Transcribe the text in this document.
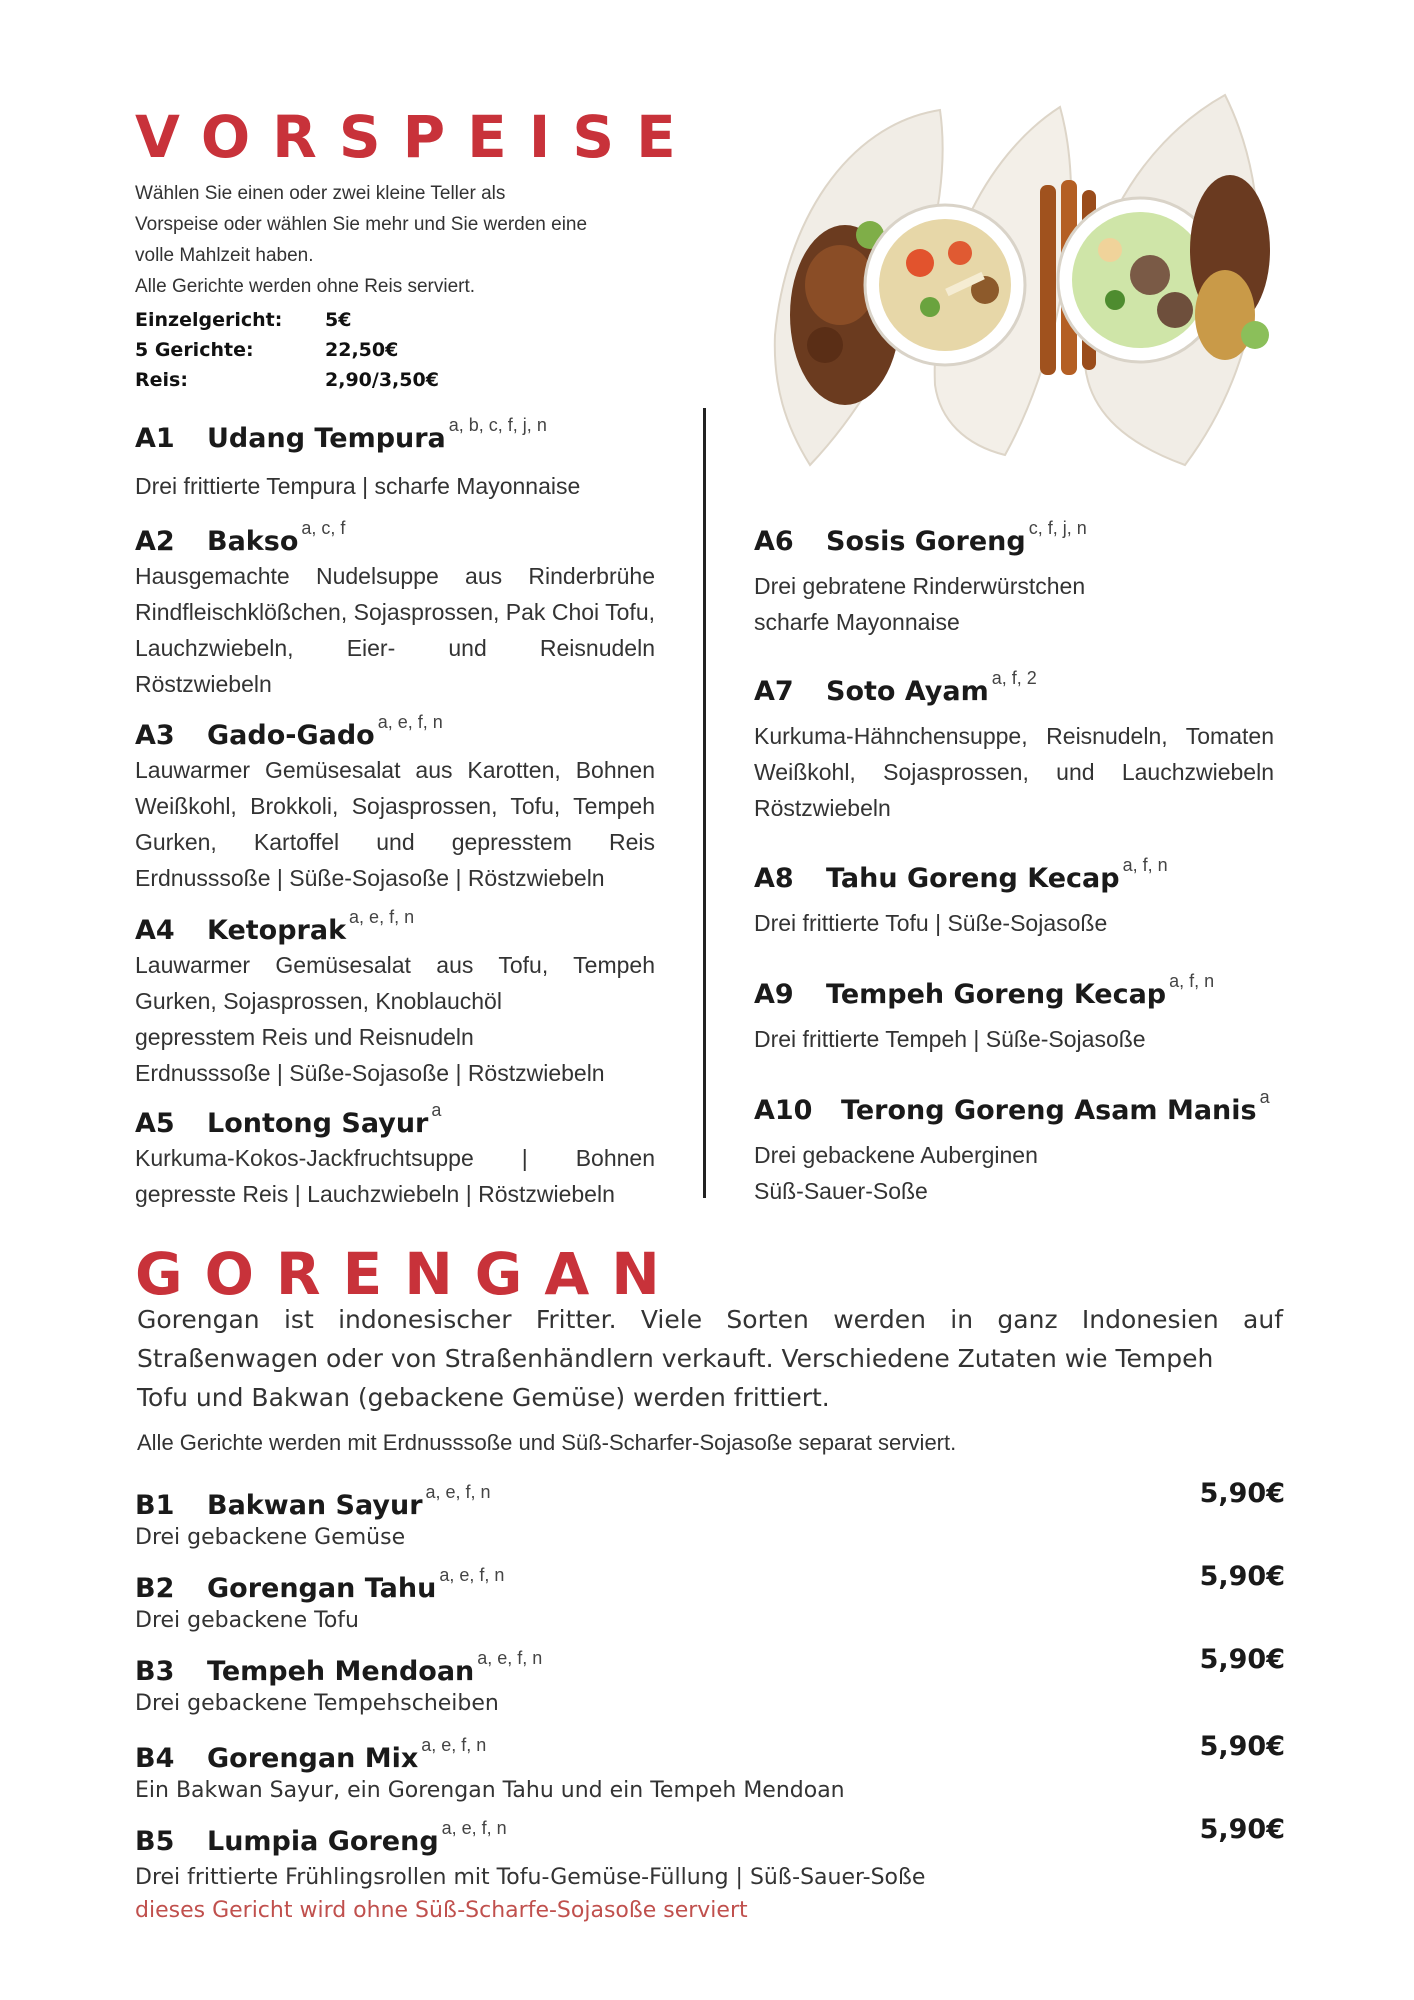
VORSPEISE
Wählen Sie einen oder zwei kleine Teller als
Vorspeise oder wählen Sie mehr und Sie werden eine
volle Mahlzeit haben.
Alle Gerichte werden ohne Reis serviert.
Einzelgericht: 5€
5 Gerichte:	22,50€
Reis:	2,90/3,50€
A1 Udang Tempura $^{a, b, c, f, j, n}$
Drei frittierte Tempura | scharfe Mayonnaise
A2 Bakso $^{a, c, f}$
Hausgemachte Nudelsuppe aus Rinderbrühe Rindfleischklößchen, Sojasprossen, Pak Choi Tofu, Lauchzwiebeln, Eier- und Reisnudeln Röstzwiebeln
A3 Gado-Gado $^{a, e, f, n}$
Lauwarmer Gemüsesalat aus Karotten, Bohnen Weißkohl, Brokkoli, Sojasprossen, Tofu, Tempeh Gurken, Kartoffel und gepresstem Reis Erdnusssoße | Süße-Sojasoße | Röstzwiebeln
A4 Ketoprak $^{a, e, f, n}$
Lauwarmer Gemüsesalat aus Tofu, Tempeh
Gurken, Sojasprossen, Knoblauchöl
gepresstem Reis und Reisnudeln
Erdnusssoße | Süße-Sojasoße | Röstzwiebeln
A5 Lontong Sayur $^a$
Kurkuma-Kokos-Jackfruchtsuppe | Bohnen gepresste Reis | Lauchzwiebeln | Röstzwiebeln
A6 Sosis Goreng $^{c, f, j, n}$
Drei gebratene Rinderwürstchen
scharfe Mayonnaise
A7 Soto Ayam $^{a, f, 2}$
Kurkuma-Hähnchensuppe, Reisnudeln, Tomaten Weißkohl, Sojasprossen, und Lauchzwiebeln Röstzwiebeln
A8 Tahu Goreng Kecap $^{a, f, n}$
Drei frittierte Tofu | Süße-Sojasoße
A9 Tempeh Goreng Kecap $^{a, f, n}$
Drei frittierte Tempeh | Süße-Sojasoße
A10 Terong Goreng Asam Manis $^a$
Drei gebackene Auberginen
Süß-Sauer-Soße
GORENGAN
Gorengan ist indonesischer Fritter. Viele Sorten werden in ganz Indonesien auf
Straßenwagen oder von Straßenhändlern verkauft. Verschiedene Zutaten wie Tempeh
Tofu und Bakwan (gebackene Gemüse) werden frittiert.
Alle Gerichte werden mit Erdnusssoße und Süß-Scharfer-Sojasoße separat serviert.
B1 Bakwan Sayur $^{a, e, f, n}$
Drei gebackene Gemüse
5,90€
B2 Gorengan Tahu $^{a, e, f, n}$
Drei gebackene Tofu
5,90€
B3 Tempeh Mendoan $^{a, e, f, n}$
Drei gebackene Tempehscheiben
5,90€
B4 Gorengan Mix $^{a, e, f, n}$
Ein Bakwan Sayur, ein Gorengan Tahu und ein Tempeh Mendoan
5,90€
B5 Lumpia Goreng $^{a, e, f, n}$
Drei frittierte Frühlingsrollen mit Tofu-Gemüse-Füllung | Süß-Sauer-Soße
dieses Gericht wird ohne Süß-Scharfe-Sojasoße serviert
5,90€
